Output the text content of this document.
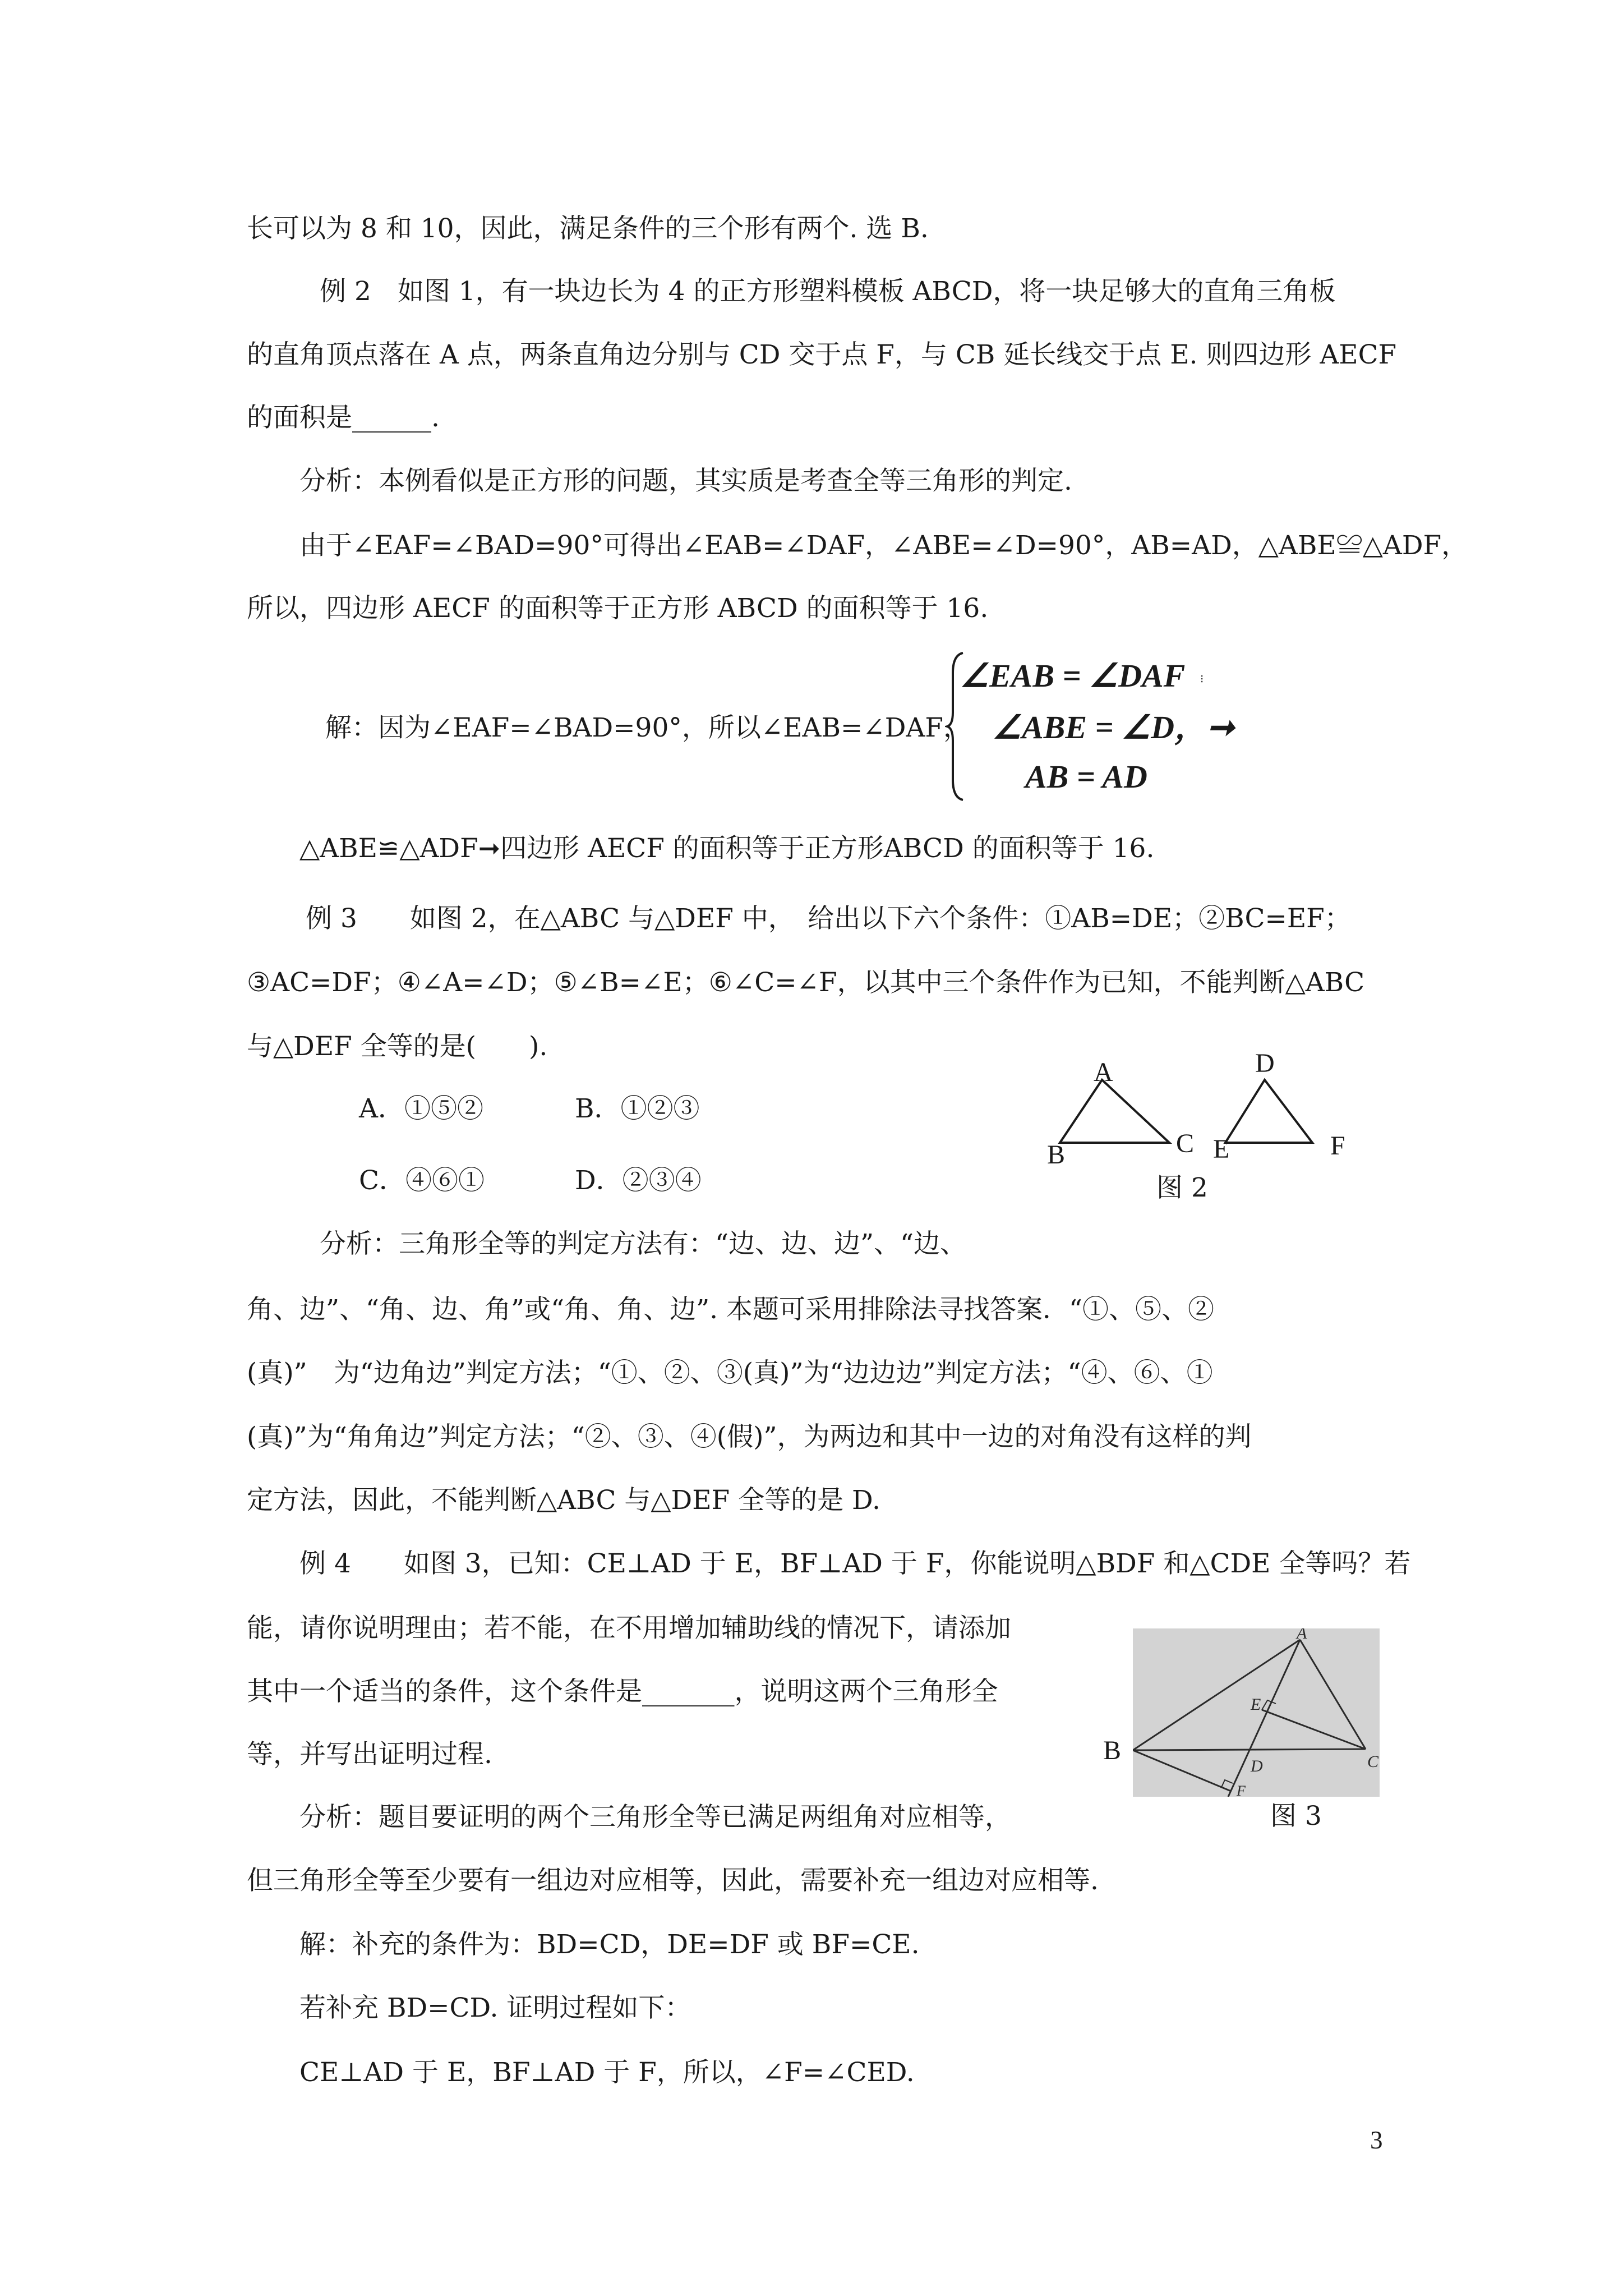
长可以为 8 和 10，因此，满足条件的三个形有两个. 选 B.
例 2　如图 1，有一块边长为 4 的正方形塑料模板 ABCD，将一块足够大的直角三角板
的直角顶点落在 A 点，两条直角边分别与 CD 交于点 F，与 CB 延长线交于点 E. 则四边形 AECF
的面积是______.
分析：本例看似是正方形的问题，其实质是考查全等三角形的判定.
由于∠EAF=∠BAD=90°可得出∠EAB=∠DAF，∠ABE=∠D=90°，AB=AD，△ABE≌△ADF，
所以，四边形 AECF 的面积等于正方形 ABCD 的面积等于 16.
解：因为∠EAF=∠BAD=90°，所以∠EAB=∠DAF，
∠EAB = ∠DAF ⁝
∠ABE = ∠D，➞
AB = AD
△ABE≌△ADF➞四边形 AECF 的面积等于正方形ABCD 的面积等于 16.
例 3　　如图 2，在△ABC 与△DEF 中，　给出以下六个条件：①AB=DE；②BC=EF；
③AC=DF；④∠A=∠D；⑤∠B=∠E；⑥∠C=∠F，以其中三个条件作为已知，不能判断△ABC
与△DEF 全等的是(　　).
A．①⑤②	B．①②③
C．④⑥①	D．②③④
A
B	C
D
E	F
图 2
分析：三角形全等的判定方法有：“边、边、边”、“边、
角、边”、“角、边、角”或“角、角、边”. 本题可采用排除法寻找答案．“①、⑤、②
(真)”　为“边角边”判定方法；“①、②、③(真)”为“边边边”判定方法；“④、⑥、①
(真)”为“角角边”判定方法；“②、③、④(假)”，为两边和其中一边的对角没有这样的判
定方法，因此，不能判断△ABC 与△DEF 全等的是 D.
例 4　　如图 3，已知：CE⊥AD 于 E，BF⊥AD 于 F，你能说明△BDF 和△CDE 全等吗？若
能，请你说明理由；若不能，在不用增加辅助线的情况下，请添加
其中一个适当的条件，这个条件是_______，说明这两个三角形全
等，并写出证明过程.
A
E
D	C
F
B
图 3
分析：题目要证明的两个三角形全等已满足两组角对应相等，
但三角形全等至少要有一组边对应相等，因此，需要补充一组边对应相等.
解：补充的条件为：BD=CD，DE=DF 或 BF=CE.
若补充 BD=CD. 证明过程如下：
CE⊥AD 于 E，BF⊥AD 于 F，所以，∠F=∠CED.
3
